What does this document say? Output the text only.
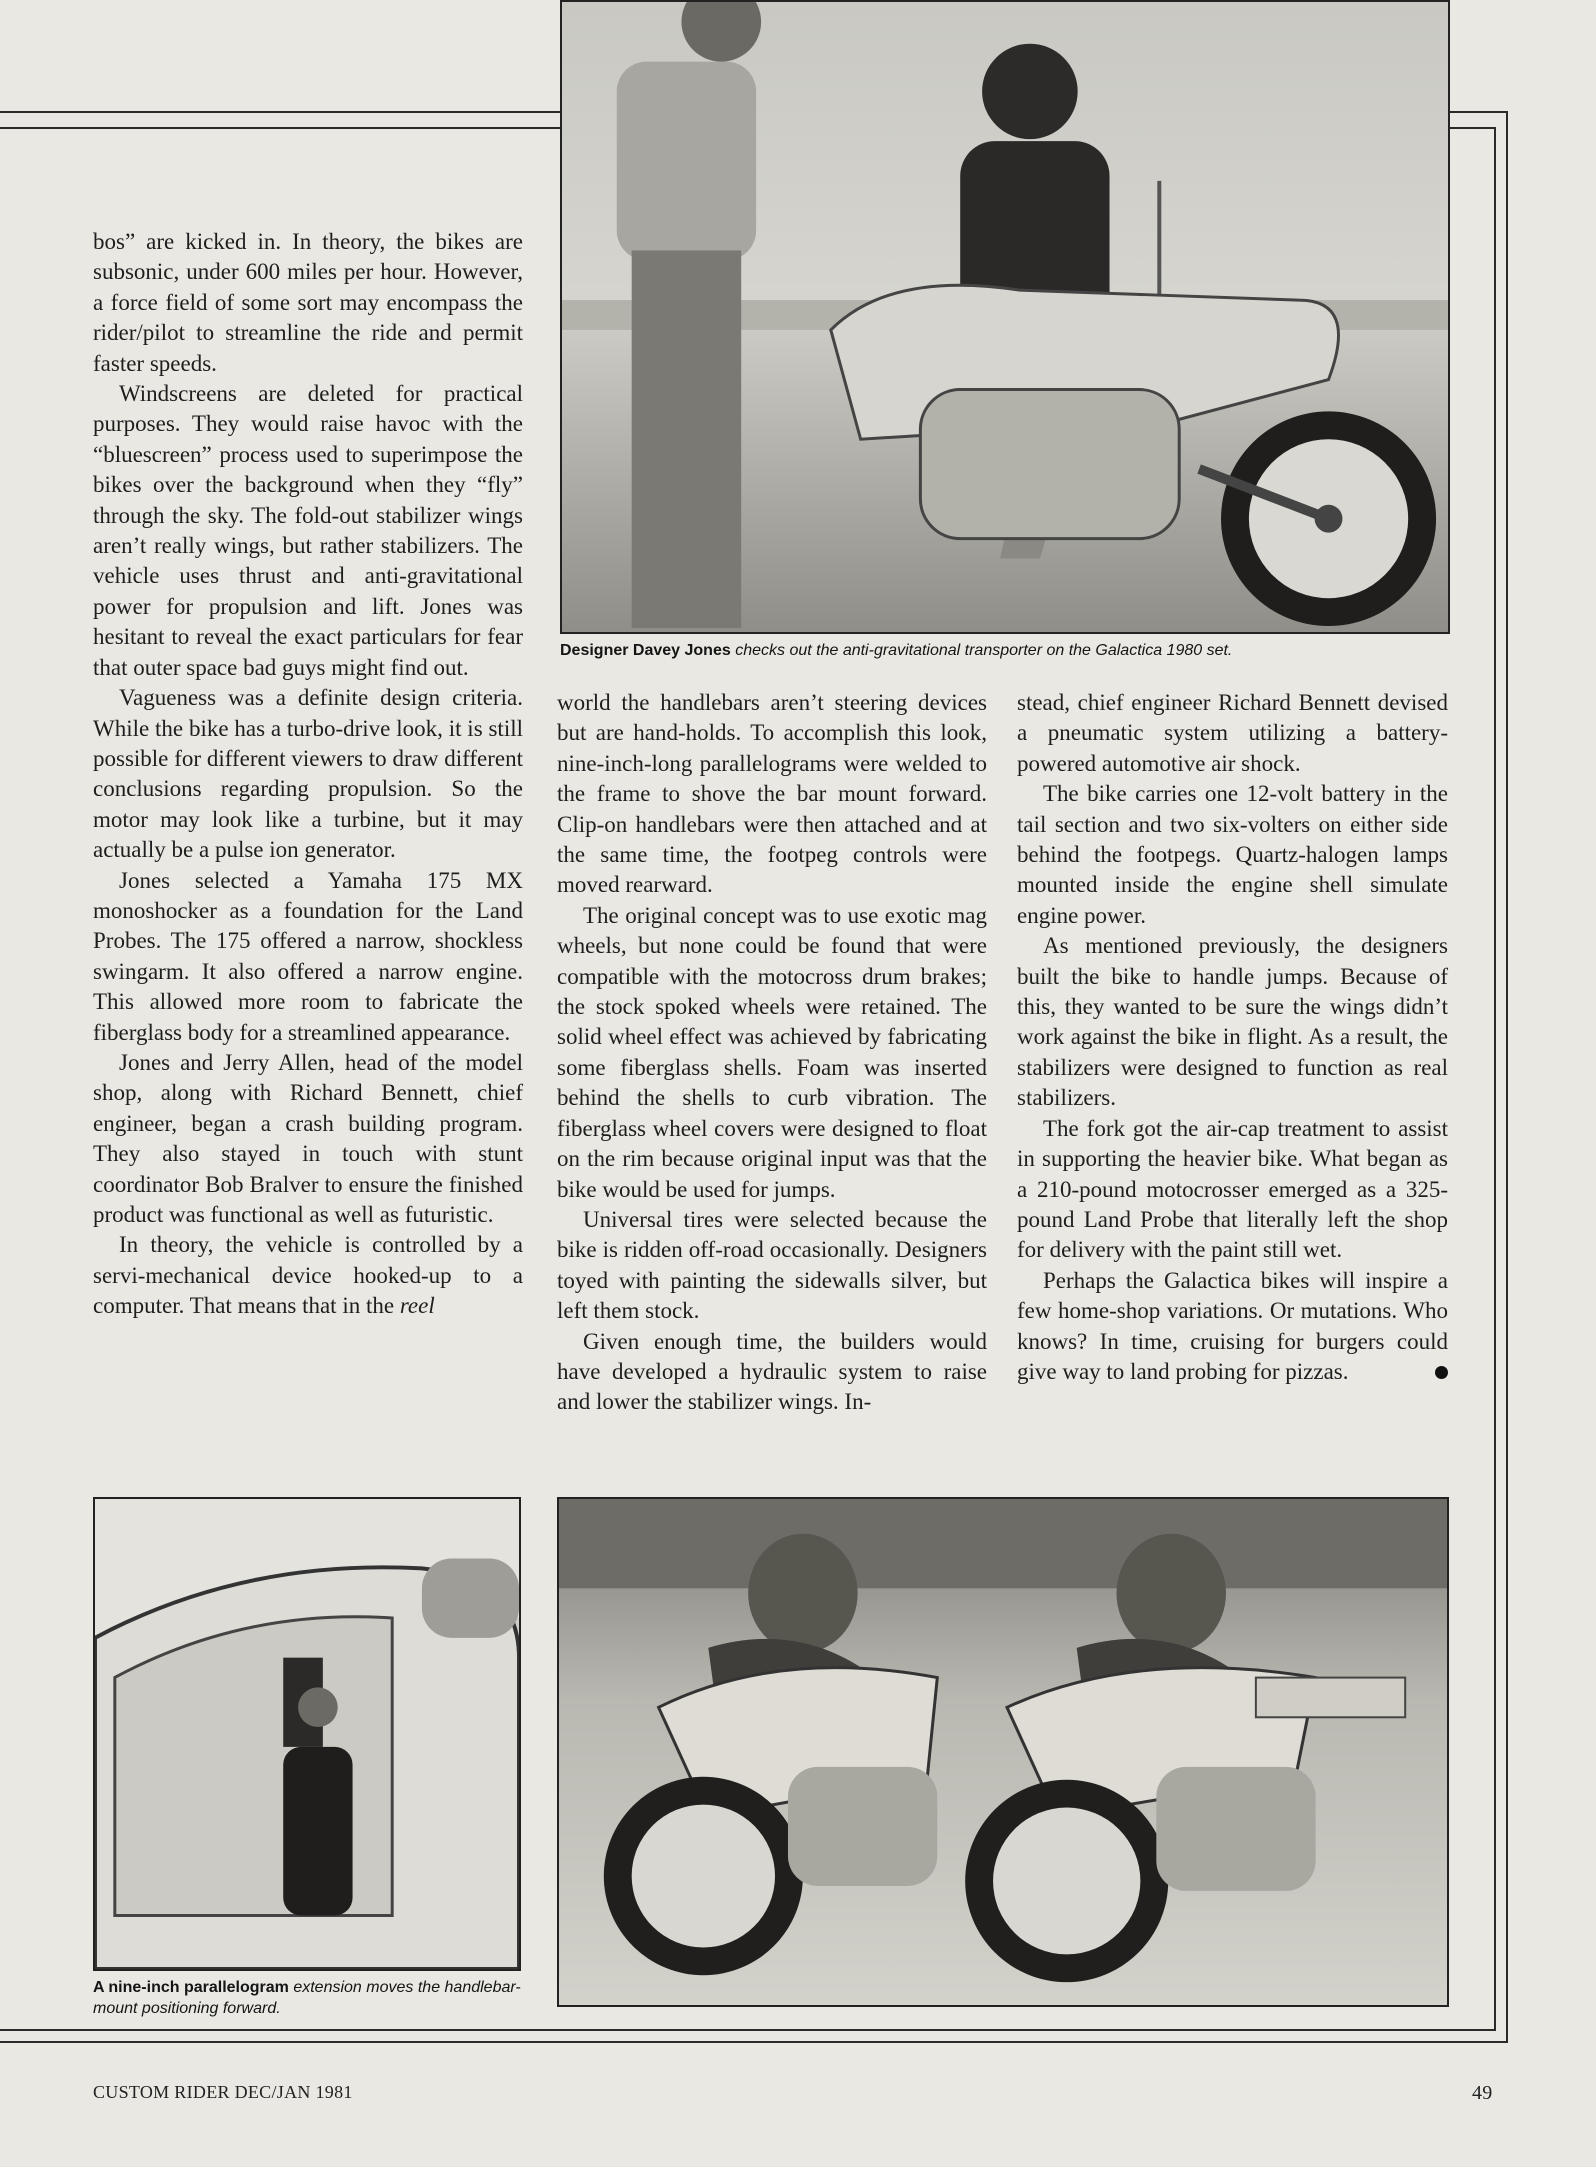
Designer Davey Jones checks out the anti-gravitational transporter on the Galactica 1980 set.

bos” are kicked in. In theory, the bikes are subsonic, under 600 miles per hour. However, a force field of some sort may encompass the rider/pilot to streamline the ride and permit faster speeds.

Windscreens are deleted for practical purposes. They would raise havoc with the “bluescreen” process used to superimpose the bikes over the background when they “fly” through the sky. The fold-out stabilizer wings aren’t really wings, but rather stabilizers. The vehicle uses thrust and anti-gravitational power for propulsion and lift. Jones was hesitant to reveal the exact particulars for fear that outer space bad guys might find out.

Vagueness was a definite design criteria. While the bike has a turbo-drive look, it is still possible for different viewers to draw different conclusions regarding propulsion. So the motor may look like a turbine, but it may actually be a pulse ion generator.

Jones selected a Yamaha 175 MX monoshocker as a foundation for the Land Probes. The 175 offered a narrow, shockless swingarm. It also offered a narrow engine. This allowed more room to fabricate the fiberglass body for a streamlined appearance.

Jones and Jerry Allen, head of the model shop, along with Richard Bennett, chief engineer, began a crash building program. They also stayed in touch with stunt coordinator Bob Bralver to ensure the finished product was functional as well as futuristic.

In theory, the vehicle is controlled by a servi-mechanical device hooked-up to a computer. That means that in the reel

world the handlebars aren’t steering devices but are hand-holds. To accomplish this look, nine-inch-long parallelograms were welded to the frame to shove the bar mount forward. Clip-on handlebars were then attached and at the same time, the footpeg controls were moved rearward.

The original concept was to use exotic mag wheels, but none could be found that were compatible with the motocross drum brakes; the stock spoked wheels were retained. The solid wheel effect was achieved by fabricating some fiberglass shells. Foam was inserted behind the shells to curb vibration. The fiberglass wheel covers were designed to float on the rim because original input was that the bike would be used for jumps.

Universal tires were selected because the bike is ridden off-road occasionally. Designers toyed with painting the sidewalls silver, but left them stock.

Given enough time, the builders would have developed a hydraulic system to raise and lower the stabilizer wings. In-

stead, chief engineer Richard Bennett devised a pneumatic system utilizing a battery-powered automotive air shock.

The bike carries one 12-volt battery in the tail section and two six-volters on either side behind the footpegs. Quartz-halogen lamps mounted inside the engine shell simulate engine power.

As mentioned previously, the designers built the bike to handle jumps. Because of this, they wanted to be sure the wings didn’t work against the bike in flight. As a result, the stabilizers were designed to function as real stabilizers.

The fork got the air-cap treatment to assist in supporting the heavier bike. What began as a 210-pound motocrosser emerged as a 325-pound Land Probe that literally left the shop for delivery with the paint still wet.

Perhaps the Galactica bikes will inspire a few home-shop variations. Or mutations. Who knows? In time, cruising for burgers could give way to land probing for pizzas.

A nine-inch parallelogram extension moves the handlebar-mount positioning forward.
CUSTOM RIDER DEC/JAN 1981	49
